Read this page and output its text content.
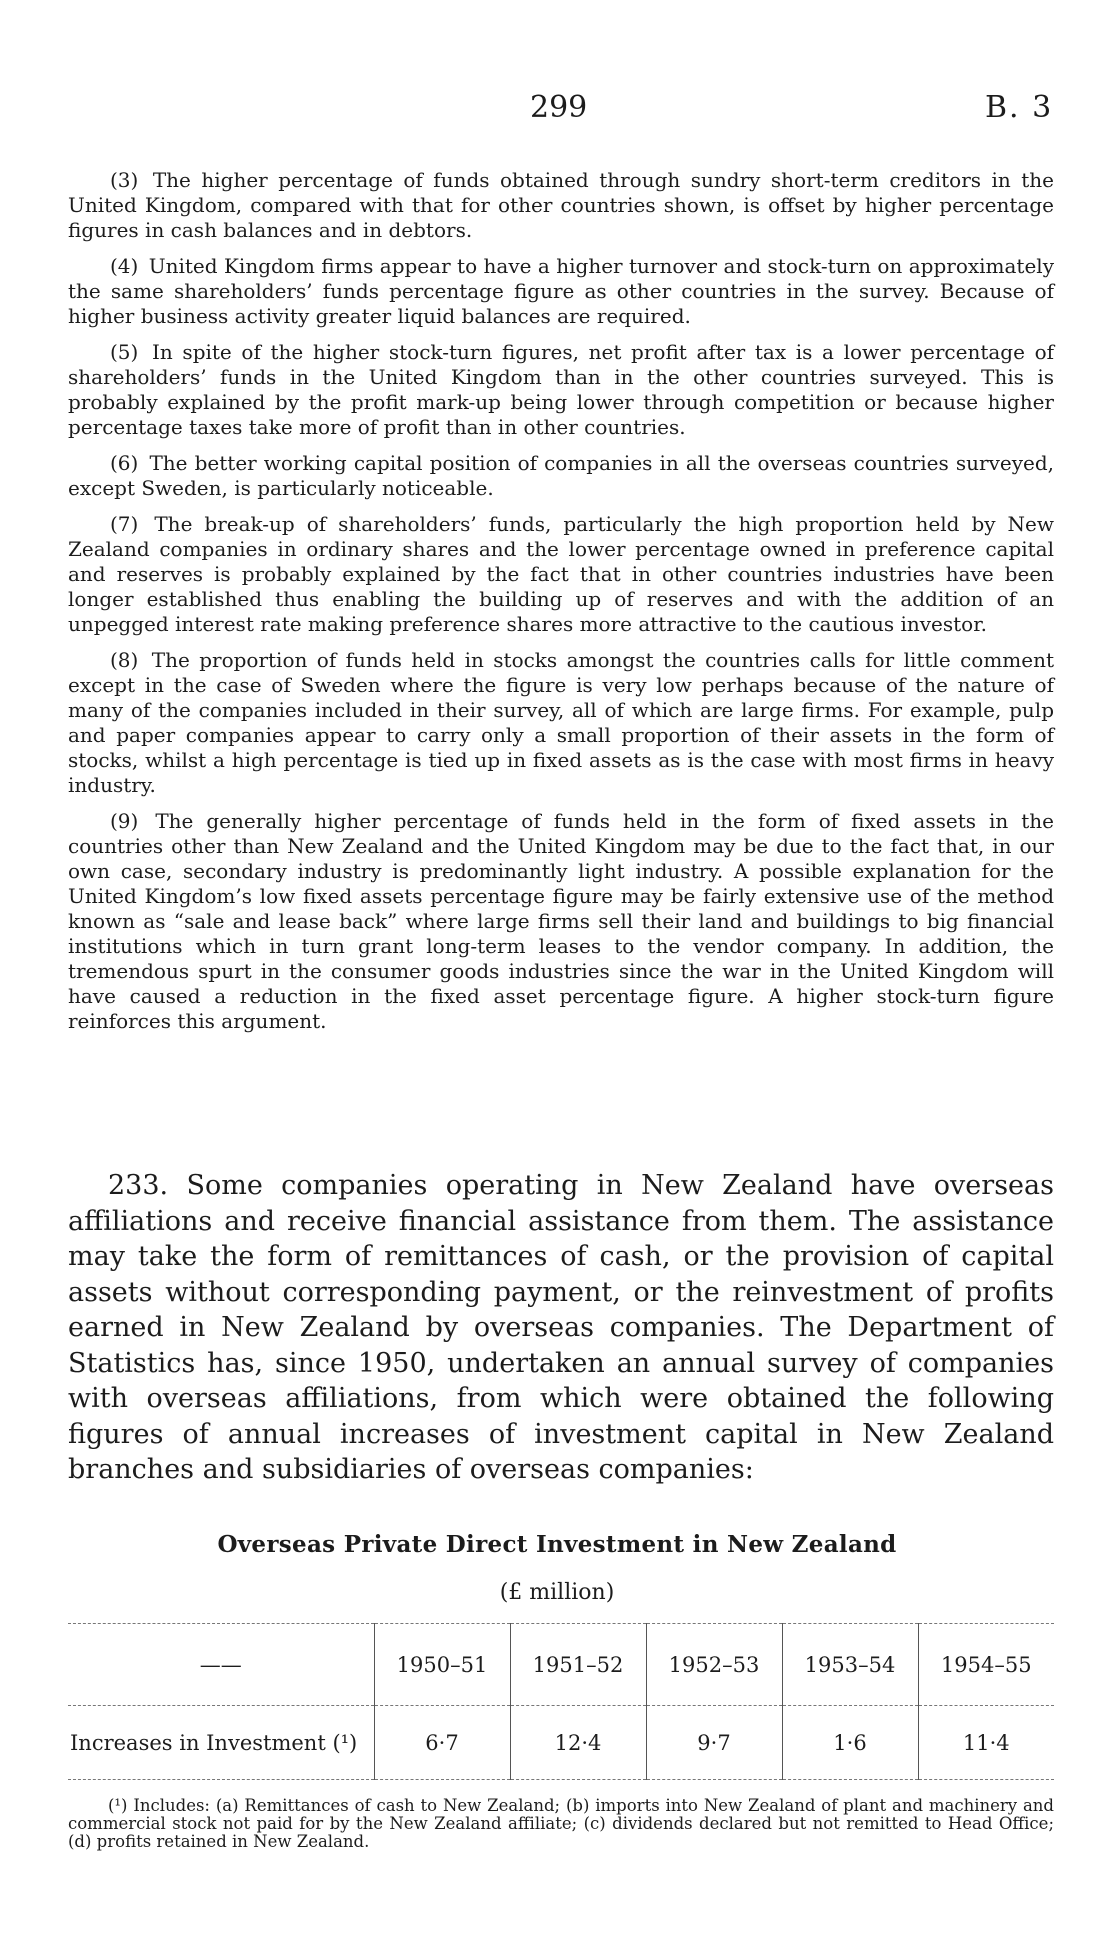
299	B. 3

(3) The higher percentage of funds obtained through sundry short-term creditors in the United Kingdom, compared with that for other countries shown, is offset by higher percentage figures in cash balances and in debtors.

(4) United Kingdom firms appear to have a higher turnover and stock-turn on approximately the same shareholders’ funds percentage figure as other countries in the survey. Because of higher business activity greater liquid balances are required.

(5) In spite of the higher stock-turn figures, net profit after tax is a lower percentage of shareholders’ funds in the United Kingdom than in the other countries surveyed. This is probably explained by the profit mark-up being lower through competition or because higher percentage taxes take more of profit than in other countries.

(6) The better working capital position of companies in all the overseas countries surveyed, except Sweden, is particularly noticeable.

(7) The break-up of shareholders’ funds, particularly the high proportion held by New Zealand companies in ordinary shares and the lower percentage owned in preference capital and reserves is probably explained by the fact that in other countries industries have been longer established thus enabling the building up of reserves and with the addition of an unpegged interest rate making preference shares more attractive to the cautious investor.

(8) The proportion of funds held in stocks amongst the countries calls for little comment except in the case of Sweden where the figure is very low perhaps because of the nature of many of the companies included in their survey, all of which are large firms. For example, pulp and paper companies appear to carry only a small proportion of their assets in the form of stocks, whilst a high percentage is tied up in fixed assets as is the case with most firms in heavy industry.

(9) The generally higher percentage of funds held in the form of fixed assets in the countries other than New Zealand and the United Kingdom may be due to the fact that, in our own case, secondary industry is predominantly light industry. A possible explanation for the United Kingdom’s low fixed assets percentage figure may be fairly extensive use of the method known as “sale and lease back” where large firms sell their land and buildings to big financial institutions which in turn grant long-term leases to the vendor company. In addition, the tremendous spurt in the consumer goods industries since the war in the United Kingdom will have caused a reduction in the fixed asset percentage figure. A higher stock-turn figure reinforces this argument.

233. Some companies operating in New Zealand have overseas affiliations and receive financial assistance from them. The assistance may take the form of remittances of cash, or the provision of capital assets without corresponding payment, or the reinvestment of profits earned in New Zealand by overseas companies. The Department of Statistics has, since 1950, undertaken an annual survey of companies with overseas affiliations, from which were obtained the following figures of annual increases of investment capital in New Zealand branches and subsidiaries of overseas companies:

Overseas Private Direct Investment in New Zealand
(£ million)
——	1950–51	1951–52	1952–53	1953–54	1954–55
Increases in Investment (¹)	6·7	12·4	9·7	1·6	11·4

(¹) Includes: (a) Remittances of cash to New Zealand; (b) imports into New Zealand of plant and machinery and commercial stock not paid for by the New Zealand affiliate; (c) dividends declared but not remitted to Head Office; (d) profits retained in New Zealand.
